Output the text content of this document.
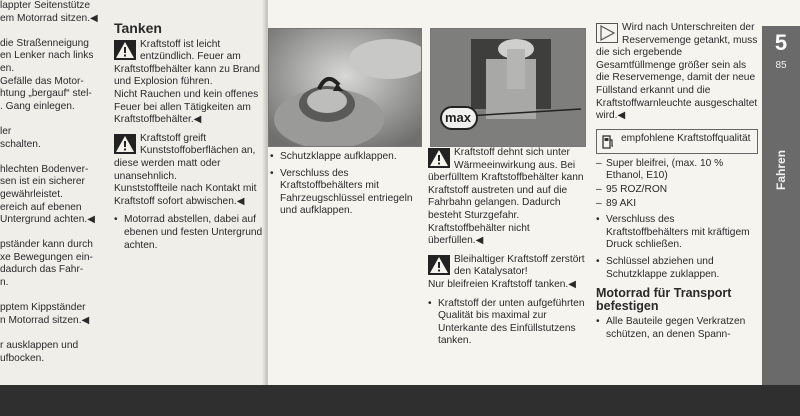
lappter Seitenstütze
em Motorrad sitzen.◀

die Straßenneigung
en Lenker nach links
en.
Gefälle das Motor-
htung „bergauf“ stel-
. Gang einlegen.

ler
schalten.

hlechten Bodenver-
sen ist ein sicherer
gewährleistet.
ereich auf ebenen
Untergrund achten.◀

pständer kann durch
xe Bewegungen ein-
dadurch das Fahr-
n.

pptem Kippständer
n Motorrad sitzen.◀

r ausklappen und
ufbocken.
Tanken
Kraftstoff ist leicht entzündlich. Feuer am Kraftstoffbehälter kann zu Brand und Explosion führen.
Nicht Rauchen und kein offenes Feuer bei allen Tätigkeiten am Kraftstoffbehälter.◀
Kraftstoff greift Kunststoffoberflächen an, diese werden matt oder unansehnlich.
Kunststoffteile nach Kontakt mit Kraftstoff sofort abwischen.◀
• Motorrad abstellen, dabei auf ebenen und festen Untergrund achten.
max
• Schutzklappe aufklappen.
• Verschluss des Kraftstoffbehälters mit Fahrzeugschlüssel entriegeln und aufklappen.
Kraftstoff dehnt sich unter Wärmeeinwirkung aus. Bei überfülltem Kraftstoffbehälter kann Kraftstoff austreten und auf die Fahrbahn gelangen. Dadurch besteht Sturzgefahr.
Kraftstoffbehälter nicht überfüllen.◀
Bleihaltiger Kraftstoff zerstört den Katalysator!
Nur bleifreien Kraftstoff tanken.◀
• Kraftstoff der unten aufgeführten Qualität bis maximal zur Unterkante des Einfüllstutzens tanken.
Wird nach Unterschreiten der Reservemenge getankt, muss die sich ergebende Gesamtfüllmenge größer sein als die Reservemenge, damit der neue Füllstand erkannt und die Kraftstoffwarnleuchte ausgeschaltet wird.◀
empfohlene Kraftstoffqualität
– Super bleifrei, (max. 10 % Ethanol, E10)
– 95 ROZ/RON
– 89 AKI
• Verschluss des Kraftstoffbehälters mit kräftigem Druck schließen.
• Schlüssel abziehen und Schutzklappe zuklappen.
Motorrad für Transport befestigen
• Alle Bauteile gegen Verkratzen schützen, an denen Spann-
5
85
Fahren
